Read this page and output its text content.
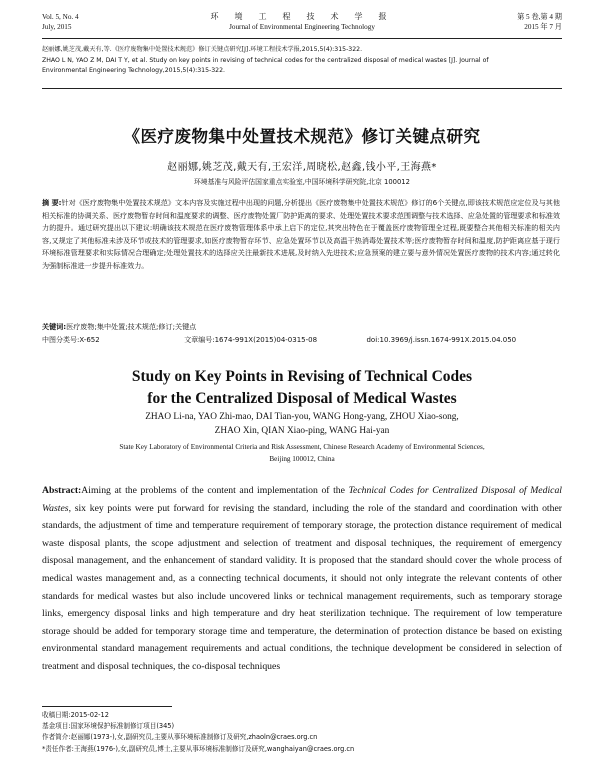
Vol. 5, No. 4
July, 2015
环 境 工 程 技 术 学 报
Journal of Environmental Engineering Technology
第 5 卷,第 4 期
2015 年 7 月
赵丽娜,姚芝茂,戴天有,等.《医疗废物集中处置技术规范》修订关键点研究[J].环境工程技术学报,2015,5(4):315-322.
ZHAO L N, YAO Z M, DAI T Y, et al. Study on key points in revising of technical codes for the centralized disposal of medical wastes [J]. Journal of
Environmental Engineering Technology,2015,5(4):315-322.
《医疗废物集中处置技术规范》修订关键点研究
赵丽娜,姚芝茂,戴天有,王宏洋,周晓松,赵鑫,钱小平,王海燕*
环境基准与风险评估国家重点实验室,中国环境科学研究院,北京 100012
摘 要:针对《医疗废物集中处置技术规范》文本内容及实施过程中出现的问题,分析提出《医疗废物集中处置技术规范》修订的6个关键点,即该技术规范应定位及与其他相关标准的协调关系、医疗废物暂存时间和温度要求的调整、医疗废物处置厂防护距离的要求、处理处置技术要求范围调整与技术选择、应急处置的管理要求和标准效力的提升。通过研究提出以下建议:明确该技术规范在医疗废物管理体系中承上启下的定位,其突出特色在于覆盖医疗废物管理全过程,既要整合其他相关标准的相关内容,又规定了其他标准未涉及环节或技术的管理要求,如医疗废物暂存环节、应急处置环节以及高温干热消毒处置技术等;医疗废物暂存时间和温度,防护距离应基于现行环境标准管理要求和实际情况合理确定;处理处置技术的选择应关注最新技术进展,及时纳入先进技术;应急预案的建立要与意外情况处置医疗废物的技术内容;通过转化为强制标准进一步提升标准效力。
关键词:医疗废物;集中处置;技术规范;修订;关键点
中图分类号:X-652	文章编号:1674-991X(2015)04-0315-08	doi:10.3969/j.issn.1674-991X.2015.04.050
Study on Key Points in Revising of Technical Codes
for the Centralized Disposal of Medical Wastes
ZHAO Li-na, YAO Zhi-mao, DAI Tian-you, WANG Hong-yang, ZHOU Xiao-song,
ZHAO Xin, QIAN Xiao-ping, WANG Hai-yan
State Key Laboratory of Environmental Criteria and Risk Assessment, Chinese Research Academy of Environmental Sciences,
Beijing 100012, China
Abstract:Aiming at the problems of the content and implementation of the Technical Codes for Centralized Disposal of Medical Wastes, six key points were put forward for revising the standard, including the role of the standard and coordination with other standards, the adjustment of time and temperature requirement of temporary storage, the protection distance requirement of medical waste disposal plants, the scope adjustment and selection of treatment and disposal techniques, the requirement of emergency disposal management, and the enhancement of standard validity. It is proposed that the standard should cover the whole process of medical wastes management and, as a connecting technical documents, it should not only integrate the relevant contents of other standards for medical wastes but also include uncovered links or technical management requirements, such as temporary storage links, emergency disposal links and high temperature and dry heat sterilization technique. The requirement of low temperature storage should be added for temporary storage time and temperature, the determination of protection distance be based on existing environmental standard management requirements and actual conditions, the technique development be considered in selection of treatment and disposal techniques, the co-disposal techniques
收稿日期:2015-02-12
基金项目:国家环境保护标准制修订项目(345)
作者简介:赵丽娜(1973-),女,副研究员,主要从事环境标准制修订及研究,zhaoln@craes.org.cn
*责任作者:王海燕(1976-),女,副研究员,博士,主要从事环境标准制修订及研究,wanghaiyan@craes.org.cn
